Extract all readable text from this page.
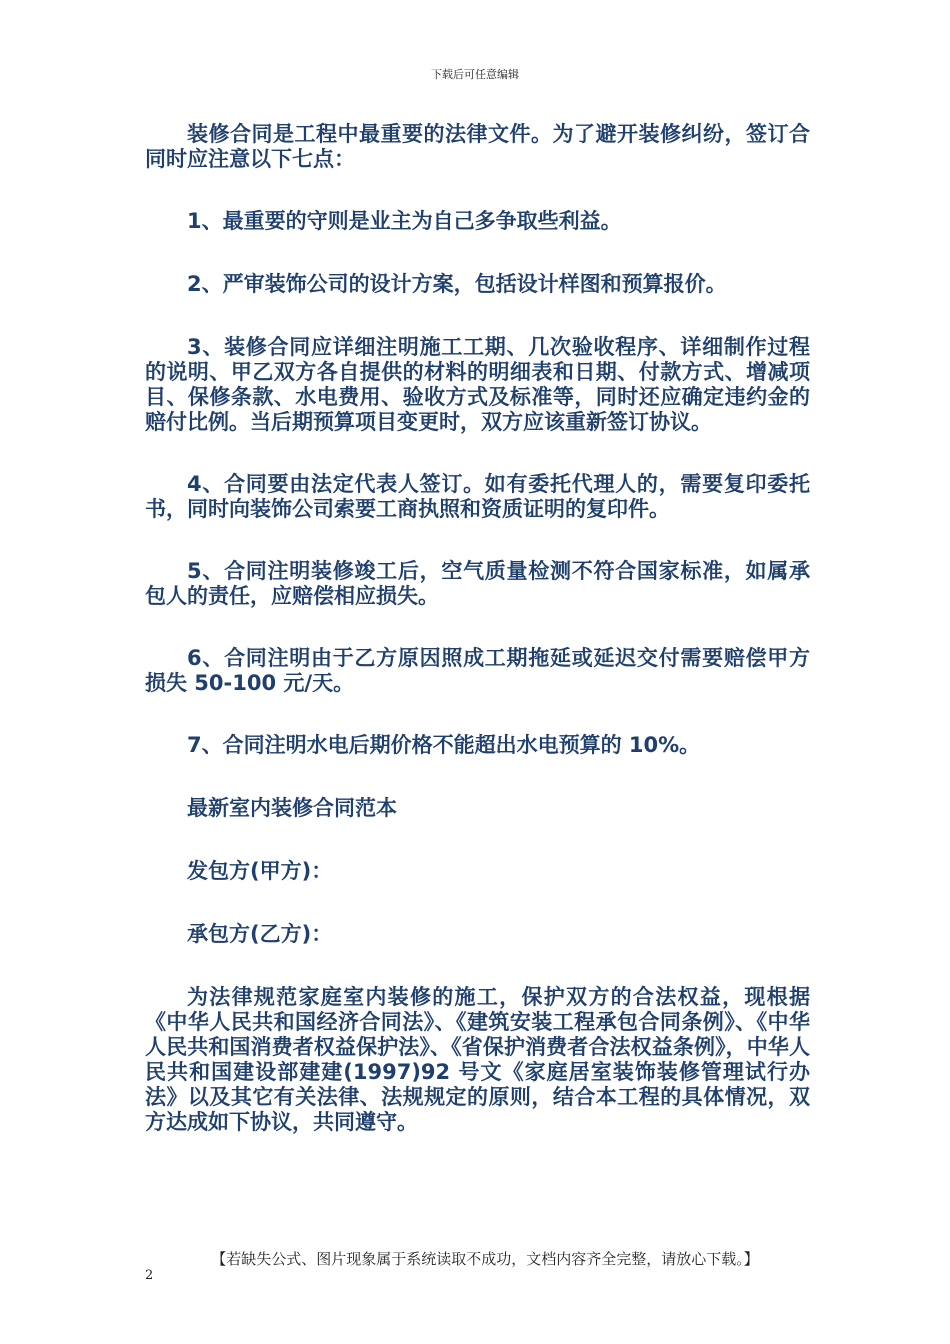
下载后可任意编辑

装修合同是工程中最重要的法律文件。为了避开装修纠纷，签订合同时应注意以下七点：

1、最重要的守则是业主为自己多争取些利益。

2、严审装饰公司的设计方案，包括设计样图和预算报价。

3、装修合同应详细注明施工工期、几次验收程序、详细制作过程的说明、甲乙双方各自提供的材料的明细表和日期、付款方式、增减项目、保修条款、水电费用、验收方式及标准等，同时还应确定违约金的赔付比例。当后期预算项目变更时，双方应该重新签订协议。

4、合同要由法定代表人签订。如有委托代理人的，需要复印委托书，同时向装饰公司索要工商执照和资质证明的复印件。

5、合同注明装修竣工后，空气质量检测不符合国家标准，如属承包人的责任，应赔偿相应损失。

6、合同注明由于乙方原因照成工期拖延或延迟交付需要赔偿甲方损失 50-100 元/天。

7、合同注明水电后期价格不能超出水电预算的 10%。

最新室内装修合同范本

发包方(甲方)：

承包方(乙方)：

为法律规范家庭室内装修的施工，保护双方的合法权益，现根据《中华人民共和国经济合同法》、《建筑安装工程承包合同条例》、《中华人民共和国消费者权益保护法》、《省保护消费者合法权益条例》，中华人民共和国建设部建建(1997)92 号文《家庭居室装饰装修管理试行办法》以及其它有关法律、法规规定的原则，结合本工程的具体情况，双方达成如下协议，共同遵守。

【若缺失公式、图片现象属于系统读取不成功，文档内容齐全完整，请放心下载。】
2
